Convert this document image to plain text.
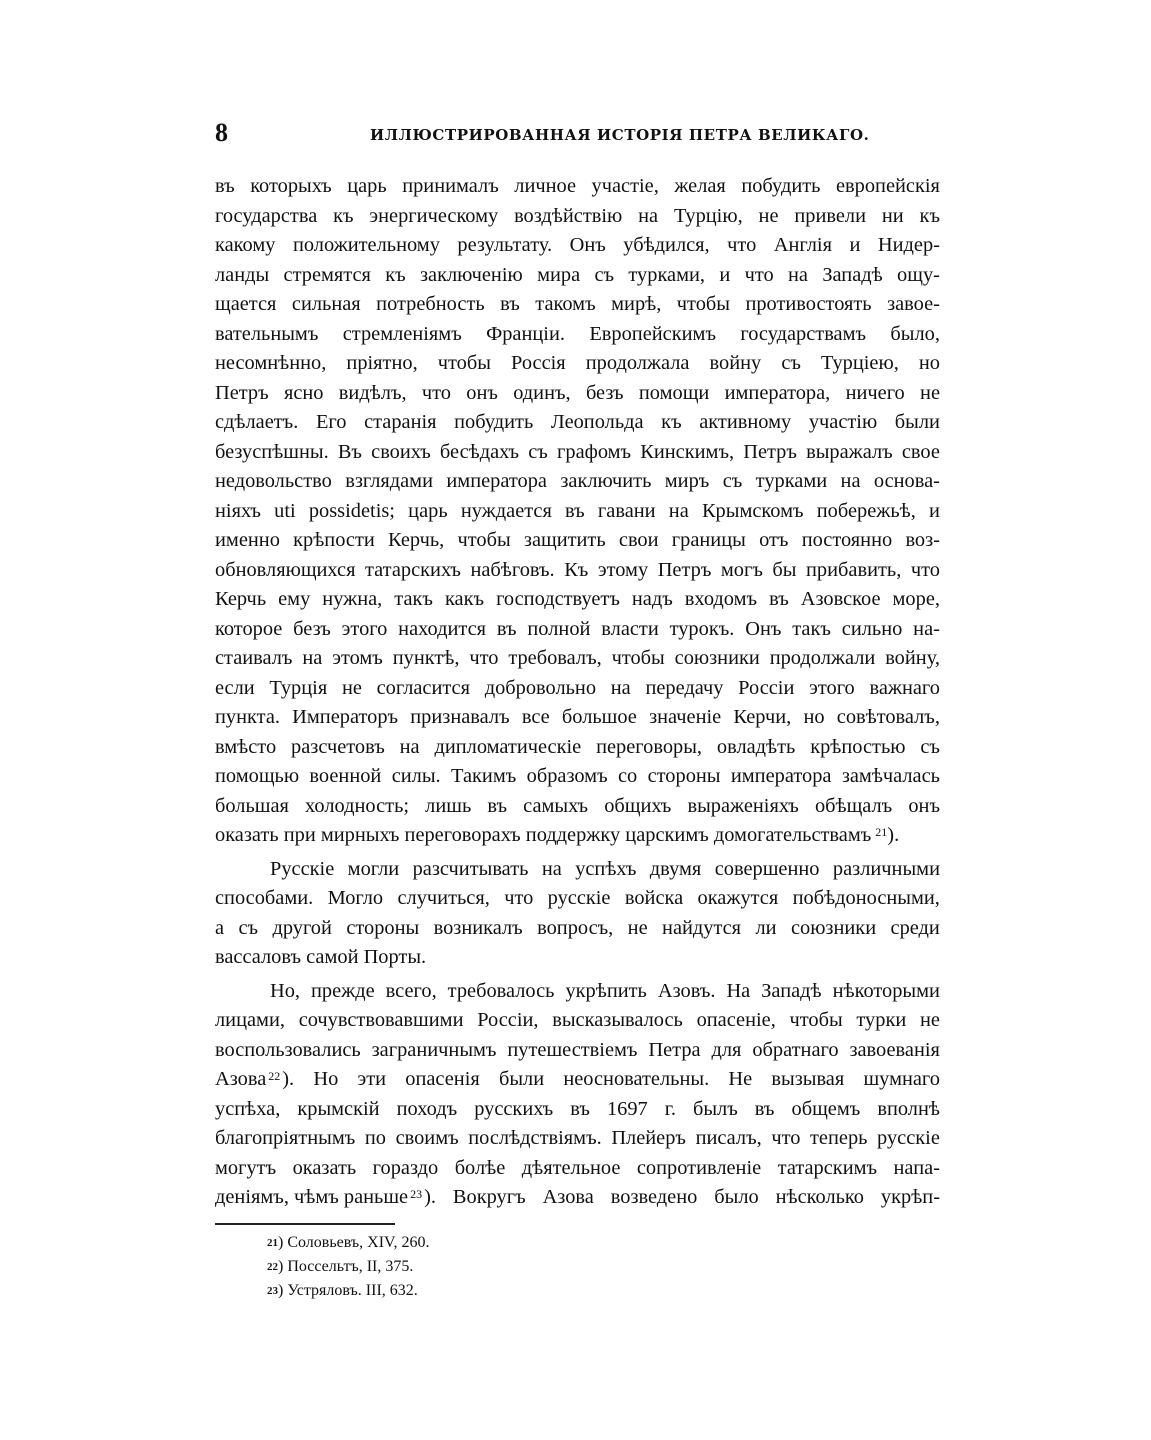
8	ИЛЛЮСТРИРОВАННАЯ ИСТОРІЯ ПЕТРА ВЕЛИКАГО.
въ которыхъ царь принималъ личное участіе, желая побудить европейскія
государства къ энергическому воздѣйствію на Турцію, не привели ни къ
какому положительному результату. Онъ убѣдился, что Англія и Нидер-
ланды стремятся къ заключенію мира съ турками, и что на Западѣ ощу-
щается сильная потребность въ такомъ мирѣ, чтобы противостоять завое-
вательнымъ стремленіямъ Франціи. Европейскимъ государствамъ было,
несомнѣнно, пріятно, чтобы Россія продолжала войну съ Турціею, но
Петръ ясно видѣлъ, что онъ одинъ, безъ помощи императора, ничего не
сдѣлаетъ. Его старанія побудить Леопольда къ активному участію были
безуспѣшны. Въ своихъ бесѣдахъ съ графомъ Кинскимъ, Петръ выражалъ свое
недовольство взглядами императора заключить миръ съ турками на основа-
ніяхъ uti possidetis; царь нуждается въ гавани на Крымскомъ побережьѣ, и
именно крѣпости Керчь, чтобы защитить свои границы отъ постоянно воз-
обновляющихся татарскихъ набѣговъ. Къ этому Петръ могъ бы прибавить, что
Керчь ему нужна, такъ какъ господствуетъ надъ входомъ въ Азовское море,
которое безъ этого находится въ полной власти турокъ. Онъ такъ сильно на-
стаивалъ на этомъ пунктѣ, что требовалъ, чтобы союзники продолжали войну,
если Турція не согласится добровольно на передачу Россіи этого важнаго
пункта. Императоръ признавалъ все большое значеніе Керчи, но совѣтовалъ,
вмѣсто разсчетовъ на дипломатическіе переговоры, овладѣть крѣпостью съ
помощью военной силы. Такимъ образомъ со стороны императора замѣчалась
большая холодность; лишь въ самыхъ общихъ выраженіяхъ обѣщалъ онъ
оказать при мирныхъ переговорахъ поддержку царскимъ домогательствамъ $^{21}$).
Русскіе могли разсчитывать на успѣхъ двумя совершенно различными
способами. Могло случиться, что русскіе войска окажутся побѣдоносными,
а съ другой стороны возникалъ вопросъ, не найдутся ли союзники среди
вассаловъ самой Порты.
Но, прежде всего, требовалось укрѣпить Азовъ. На Западѣ нѣкоторыми
лицами, сочувствовавшими Россіи, высказывалось опасеніе, чтобы турки не
воспользовались заграничнымъ путешествіемъ Петра для обратнаго завоеванія
Азова $^{22}$ ). Но эти опасенія были неосновательны. Не вызывая шумнаго
успѣха, крымскій походъ русскихъ въ 1697 г. былъ въ общемъ вполнѣ
благопріятнымъ по своимъ послѣдствіямъ. Плейеръ писалъ, что теперь русскіе
могутъ оказать гораздо болѣе дѣятельное сопротивленіе татарскимъ напа-
деніямъ, чѣмъ раньше $^{23}$ ). Вокругъ Азова возведено было нѣсколько укрѣп-
$^{21}$) Соловьевъ, XIV, 260.
$^{22}$) Поссельтъ, II, 375.
$^{23}$) Устряловъ. III, 632.
